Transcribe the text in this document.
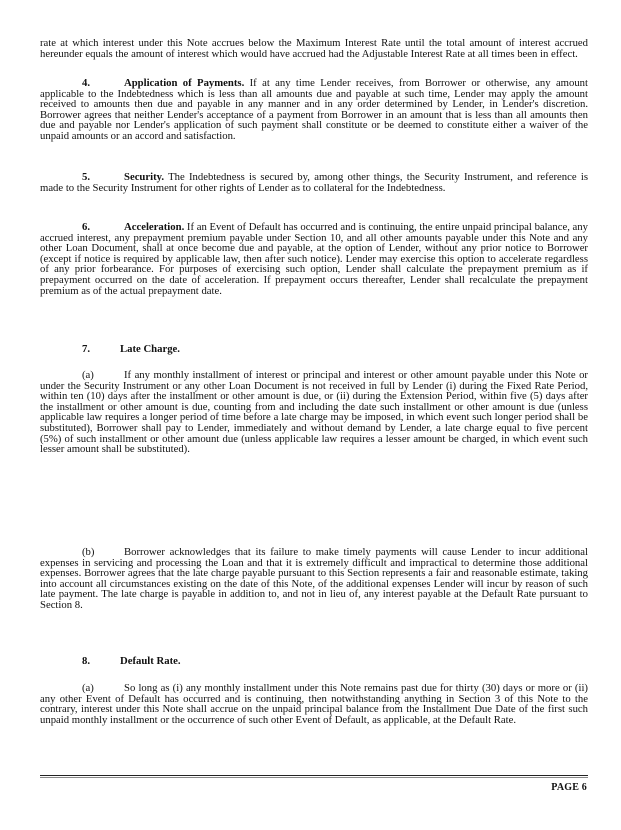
rate at which interest under this Note accrues below the Maximum Interest Rate until the total amount of interest accrued hereunder equals the amount of interest which would have accrued had the Adjustable Interest Rate at all times been in effect.

4.	Application of Payments. If at any time Lender receives, from Borrower or otherwise, any amount applicable to the Indebtedness which is less than all amounts due and payable at such time, Lender may apply the amount received to amounts then due and payable in any manner and in any order determined by Lender, in Lender's discretion. Borrower agrees that neither Lender's acceptance of a payment from Borrower in an amount that is less than all amounts then due and payable nor Lender's application of such payment shall constitute or be deemed to constitute either a waiver of the unpaid amounts or an accord and satisfaction.

5.	Security. The Indebtedness is secured by, among other things, the Security Instrument, and reference is made to the Security Instrument for other rights of Lender as to collateral for the Indebtedness.

6.	Acceleration. If an Event of Default has occurred and is continuing, the entire unpaid principal balance, any accrued interest, any prepayment premium payable under Section 10, and all other amounts payable under this Note and any other Loan Document, shall at once become due and payable, at the option of Lender, without any prior notice to Borrower (except if notice is required by applicable law, then after such notice). Lender may exercise this option to accelerate regardless of any prior forbearance. For purposes of exercising such option, Lender shall calculate the prepayment premium as if prepayment occurred on the date of acceleration. If prepayment occurs thereafter, Lender shall recalculate the prepayment premium as of the actual prepayment date.

7.	Late Charge.

(a)	If any monthly installment of interest or principal and interest or other amount payable under this Note or under the Security Instrument or any other Loan Document is not received in full by Lender (i) during the Fixed Rate Period, within ten (10) days after the installment or other amount is due, or (ii) during the Extension Period, within five (5) days after the installment or other amount is due, counting from and including the date such installment or other amount is due (unless applicable law requires a longer period of time before a late charge may be imposed, in which event such longer period shall be substituted), Borrower shall pay to Lender, immediately and without demand by Lender, a late charge equal to five percent (5%) of such installment or other amount due (unless applicable law requires a lesser amount be charged, in which event such lesser amount shall be substituted).

(b)	Borrower acknowledges that its failure to make timely payments will cause Lender to incur additional expenses in servicing and processing the Loan and that it is extremely difficult and impractical to determine those additional expenses. Borrower agrees that the late charge payable pursuant to this Section represents a fair and reasonable estimate, taking into account all circumstances existing on the date of this Note, of the additional expenses Lender will incur by reason of such late payment. The late charge is payable in addition to, and not in lieu of, any interest payable at the Default Rate pursuant to Section 8.

8.	Default Rate.

(a)	So long as (i) any monthly installment under this Note remains past due for thirty (30) days or more or (ii) any other Event of Default has occurred and is continuing, then notwithstanding anything in Section 3 of this Note to the contrary, interest under this Note shall accrue on the unpaid principal balance from the Installment Due Date of the first such unpaid monthly installment or the occurrence of such other Event of Default, as applicable, at the Default Rate.

PAGE 6
